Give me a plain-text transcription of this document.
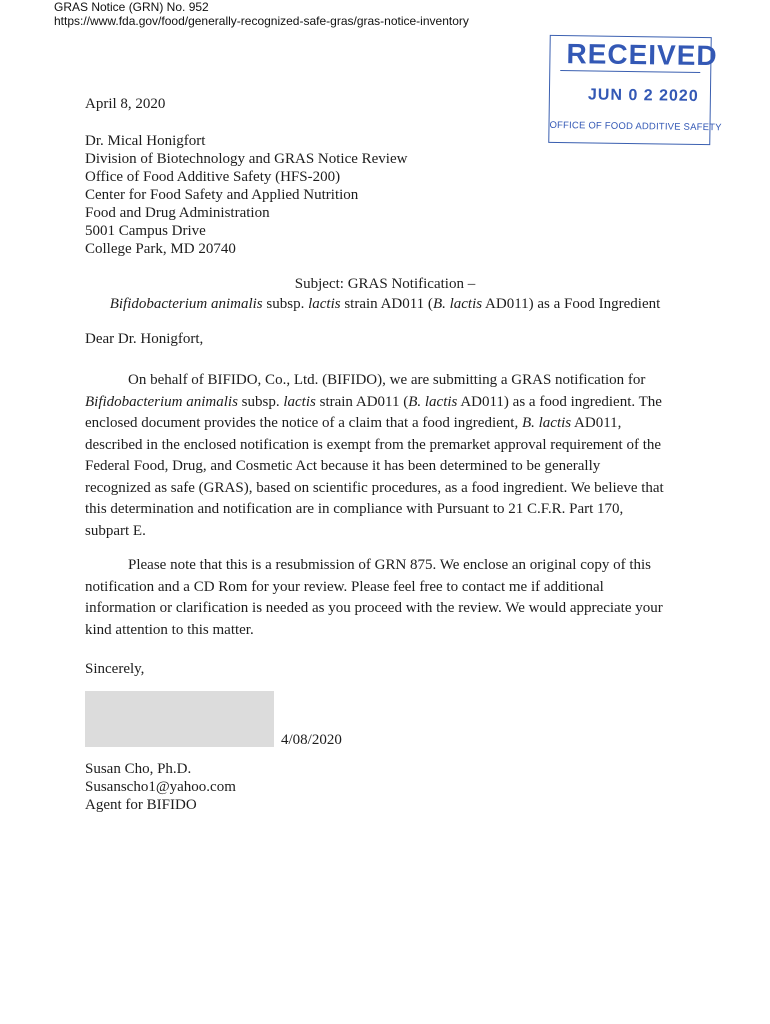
GRAS Notice (GRN) No. 952
https://www.fda.gov/food/generally-recognized-safe-gras/gras-notice-inventory
RECEIVED
JUN 0 2 2020
OFFICE OF FOOD ADDITIVE SAFETY
April 8, 2020
Dr. Mical Honigfort
Division of Biotechnology and GRAS Notice Review
Office of Food Additive Safety (HFS-200)
Center for Food Safety and Applied Nutrition
Food and Drug Administration
5001 Campus Drive
College Park, MD 20740
Subject: GRAS Notification –
Bifidobacterium animalis subsp. lactis strain AD011 (B. lactis AD011) as a Food Ingredient
Dear Dr. Honigfort,
On behalf of BIFIDO, Co., Ltd. (BIFIDO), we are submitting a GRAS notification for
Bifidobacterium animalis subsp. lactis strain AD011 (B. lactis AD011) as a food ingredient. The
enclosed document provides the notice of a claim that a food ingredient, B. lactis AD011,
described in the enclosed notification is exempt from the premarket approval requirement of the
Federal Food, Drug, and Cosmetic Act because it has been determined to be generally
recognized as safe (GRAS), based on scientific procedures, as a food ingredient. We believe that
this determination and notification are in compliance with Pursuant to 21 C.F.R. Part 170,
subpart E.
Please note that this is a resubmission of GRN 875. We enclose an original copy of this
notification and a CD Rom for your review. Please feel free to contact me if additional
information or clarification is needed as you proceed with the review. We would appreciate your
kind attention to this matter.
Sincerely,
4/08/2020
Susan Cho, Ph.D.
Susanscho1@yahoo.com
Agent for BIFIDO
